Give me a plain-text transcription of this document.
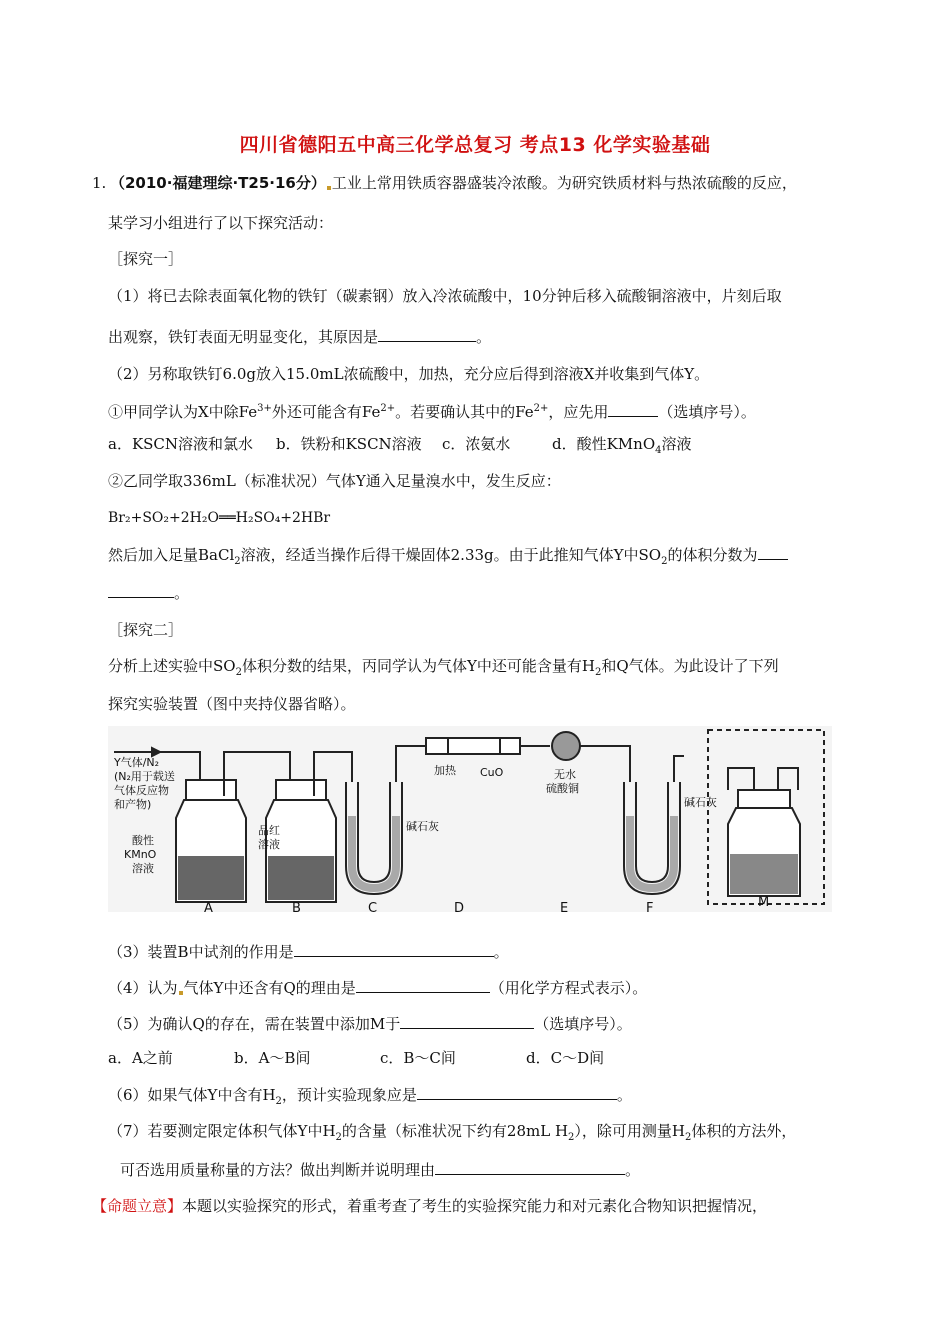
四川省德阳五中高三化学总复习 考点13 化学实验基础
1. （2010·福建理综·T25·16分） 工业上常用铁质容器盛装冷浓酸。为研究铁质材料与热浓硫酸的反应，
某学习小组进行了以下探究活动：
［探究一］
（1）将已去除表面氧化物的铁钉（碳素钢）放入冷浓硫酸中，10分钟后移入硫酸铜溶液中，片刻后取
出观察，铁钉表面无明显变化，其原因是	。
（2）另称取铁钉6.0g放入15.0mL浓硫酸中，加热，充分应后得到溶液X并收集到气体Y。
①甲同学认为X中除$Fe^{3+}$外还可能含有$Fe^{2+}$。若要确认其中的$Fe^{2+}$，应先用	（选填序号）。
a．KSCN溶液和氯水 b．铁粉和KSCN溶液 c．浓氨水	d．酸性KMnO$_4$溶液
②乙同学取336mL（标准状况）气体Y通入足量溴水中，发生反应：
Br₂+SO₂+2H₂O══H₂SO₄+2HBr
然后加入足量BaCl$_2$溶液，经适当操作后得干燥固体2.33g。由于此推知气体Y中$SO_2$的体积分数为
。
［探究二］
分析上述实验中$SO_2$体积分数的结果，丙同学认为气体Y中还可能含量有$H_2$和Q气体。为此设计了下列
探究实验装置（图中夹持仪器省略）。
Y气体/N₂
(N₂用于载送
气体反应物
和产物)
酸性
KMnO
溶液
品红
溶液
碱石灰
加热 CuO	无水
硫酸铜
碱石灰
A	B	C	D	E	F	M
（3）装置B中试剂的作用是	。
（4）认为 气体Y中还含有Q的理由是	（用化学方程式表示）。
（5）为确认Q的存在，需在装置中添加M于	（选填序号）。
a．A之前	b．A～B间	c．B～C间	d．C～D间
（6）如果气体Y中含有$H_2$，预计实验现象应是	。
（7）若要测定限定体积气体Y中$H_2$的含量（标准状况下约有28mL $H_2$），除可用测量$H_2$体积的方法外，
可否选用质量称量的方法？做出判断并说明理由	。
【命题立意】本题以实验探究的形式，着重考查了考生的实验探究能力和对元素化合物知识把握情况，
